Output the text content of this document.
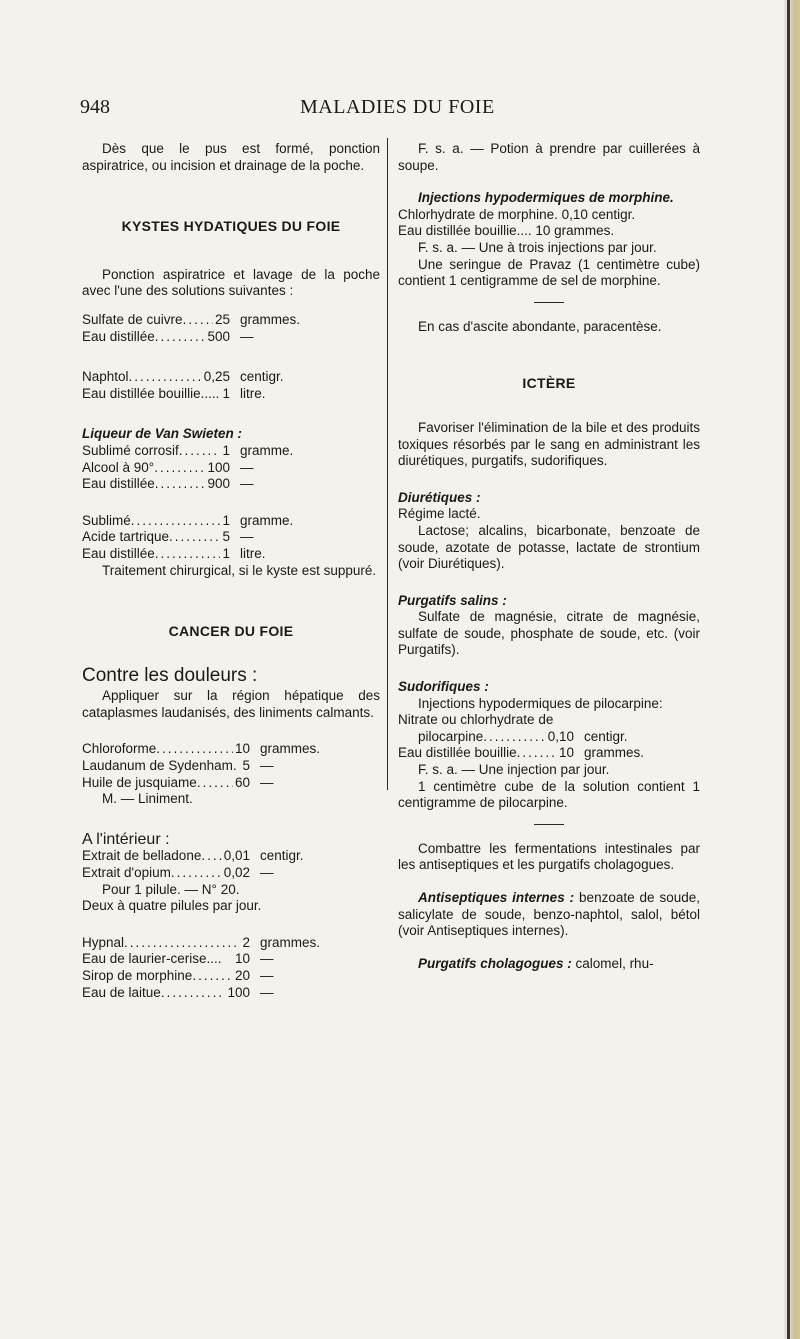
948	MALADIES DU FOIE

Dès que le pus est formé, ponction aspiratrice, ou incision et drainage de la poche.

KYSTES HYDATIQUES DU FOIE

Ponction aspiratrice et lavage de la poche avec l'une des solutions suivantes :

Sulfate de cuivre ..... 25 grammes.
Eau distillée .....	500 —
Naphtol .....	0,25 centigr.
Eau distillée bouillie.... ..... 1 litre.

Liqueur de Van Swieten :

Sublimé corrosif .....	1 gramme.
Alcool à 90° .....	100 —
Eau distillée .....	900 —
Sublimé .....	1 gramme.
Acide tartrique .....	5 —
Eau distillée .....	1 litre.

Traitement chirurgical, si le kyste est suppuré.

CANCER DU FOIE

Contre les douleurs :

Appliquer sur la région hépatique des cataplasmes laudanisés, des liniments calmants.

Chloroforme .....	10 grammes.
Laudanum de Sydenham. 5 —
Huile de jusquiame .....	60 —

M. — Liniment.

A l'intérieur :

Extrait de belladone ..... 0,01 centigr.
Extrait d'opium .....	0,02 —

Pour 1 pilule. — N° 20.

Deux à quatre pilules par jour.

Hypnal .....	2 grammes.
Eau de laurier-cerise.... 10 —
Sirop de morphine .....	20 —
Eau de laitue .....	100 —

F. s. a. — Potion à prendre par cuillerées à soupe.

Injections hypodermiques de morphine.

Chlorhydrate de morphine. 0,10 centigr.

Eau distillée bouillie.... 10 grammes.

F. s. a. — Une à trois injections par jour.

Une seringue de Pravaz (1 centimètre cube) contient 1 centigramme de sel de morphine.

En cas d'ascite abondante, paracentèse.

ICTÈRE

Favoriser l'élimination de la bile et des produits toxiques résorbés par le sang en administrant les diurétiques, purgatifs, sudorifiques.

Diurétiques :

Régime lacté.

Lactose; alcalins, bicarbonate, benzoate de soude, azotate de potasse, lactate de strontium (voir Diurétiques).

Purgatifs salins :

Sulfate de magnésie, citrate de magnésie, sulfate de soude, phosphate de soude, etc. (voir Purgatifs).

Sudorifiques :

Injections hypodermiques de pilocarpine:

Nitrate ou chlorhydrate de

pilocarpine .....	0,10 centigr.
Eau distillée bouillie .....	10 grammes.

F. s. a. — Une injection par jour.

1 centimètre cube de la solution contient 1 centigramme de pilocarpine.

Combattre les fermentations intestinales par les antiseptiques et les purgatifs cholagogues.

Antiseptiques internes : benzoate de soude, salicylate de soude, benzo-naphtol, salol, bétol (voir Antiseptiques internes).

Purgatifs cholagogues : calomel, rhu-
